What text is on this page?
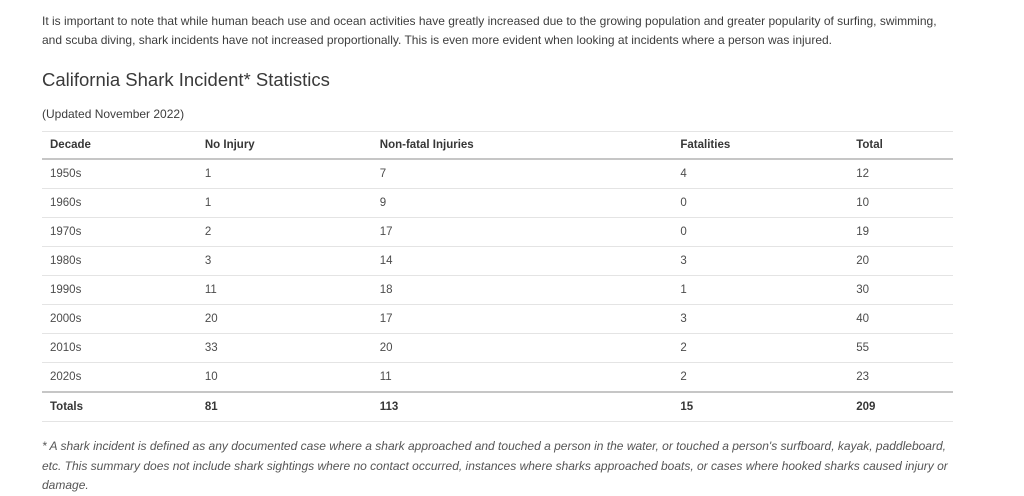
It is important to note that while human beach use and ocean activities have greatly increased due to the growing population and greater popularity of surfing, swimming, and scuba diving, shark incidents have not increased proportionally. This is even more evident when looking at incidents where a person was injured.

California Shark Incident* Statistics

(Updated November 2022)

Decade	No Injury	Non-fatal Injuries	Fatalities	Total
1950s	1	7	4	12
1960s	1	9	0	10
1970s	2	17	0	19
1980s	3	14	3	20
1990s	11	18	1	30
2000s	20	17	3	40
2010s	33	20	2	55
2020s	10	11	2	23
Totals	81	113	15	209

* A shark incident is defined as any documented case where a shark approached and touched a person in the water, or touched a person's surfboard, kayak, paddleboard, etc. This summary does not include shark sightings where no contact occurred, instances where sharks approached boats, or cases where hooked sharks caused injury or damage.
